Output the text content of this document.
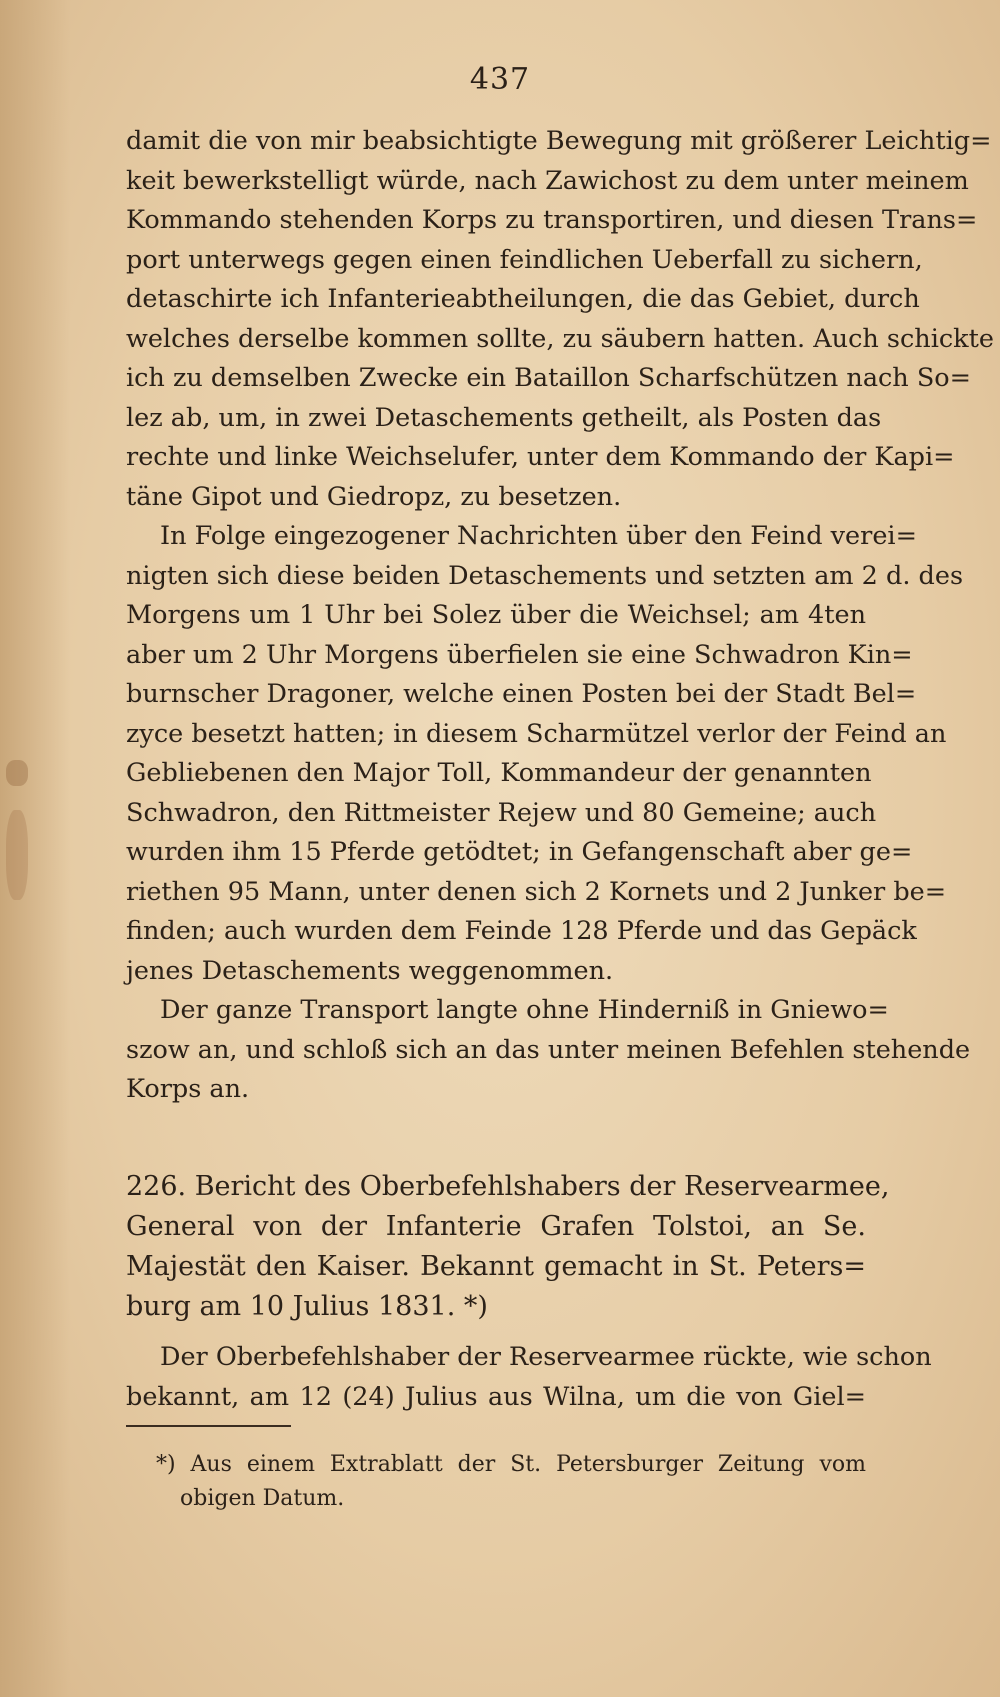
437
damit die von mir beabsichtigte Bewegung mit größerer Leichtig=
keit bewerkstelligt würde, nach Zawichost zu dem unter meinem
Kommando stehenden Korps zu transportiren, und diesen Trans=
port unterwegs gegen einen feindlichen Ueberfall zu sichern,
detaschirte ich Infanterieabtheilungen, die das Gebiet, durch
welches derselbe kommen sollte, zu säubern hatten. Auch schickte
ich zu demselben Zwecke ein Bataillon Scharfschützen nach So=
lez ab, um, in zwei Detaschements getheilt, als Posten das
rechte und linke Weichselufer, unter dem Kommando der Kapi=
täne Gipot und Giedropz, zu besetzen.
In Folge eingezogener Nachrichten über den Feind verei=
nigten sich diese beiden Detaschements und setzten am 2 d. des
Morgens um 1 Uhr bei Solez über die Weichsel; am 4ten
aber um 2 Uhr Morgens überfielen sie eine Schwadron Kin=
burnscher Dragoner, welche einen Posten bei der Stadt Bel=
zyce besetzt hatten; in diesem Scharmützel verlor der Feind an
Gebliebenen den Major Toll, Kommandeur der genannten
Schwadron, den Rittmeister Rejew und 80 Gemeine; auch
wurden ihm 15 Pferde getödtet; in Gefangenschaft aber ge=
riethen 95 Mann, unter denen sich 2 Kornets und 2 Junker be=
finden; auch wurden dem Feinde 128 Pferde und das Gepäck
jenes Detaschements weggenommen.
Der ganze Transport langte ohne Hinderniß in Gniewo=
szow an, und schloß sich an das unter meinen Befehlen stehende
Korps an.
226. Bericht des Oberbefehlshabers der Reservearmee,
General von der Infanterie Grafen Tolstoi, an Se.
Majestät den Kaiser. Bekannt gemacht in St. Peters=
burg am 10 Julius 1831. *)
Der Oberbefehlshaber der Reservearmee rückte, wie schon
bekannt, am 12 (24) Julius aus Wilna, um die von Giel=
*) Aus einem Extrablatt der St. Petersburger Zeitung vom
obigen Datum.
